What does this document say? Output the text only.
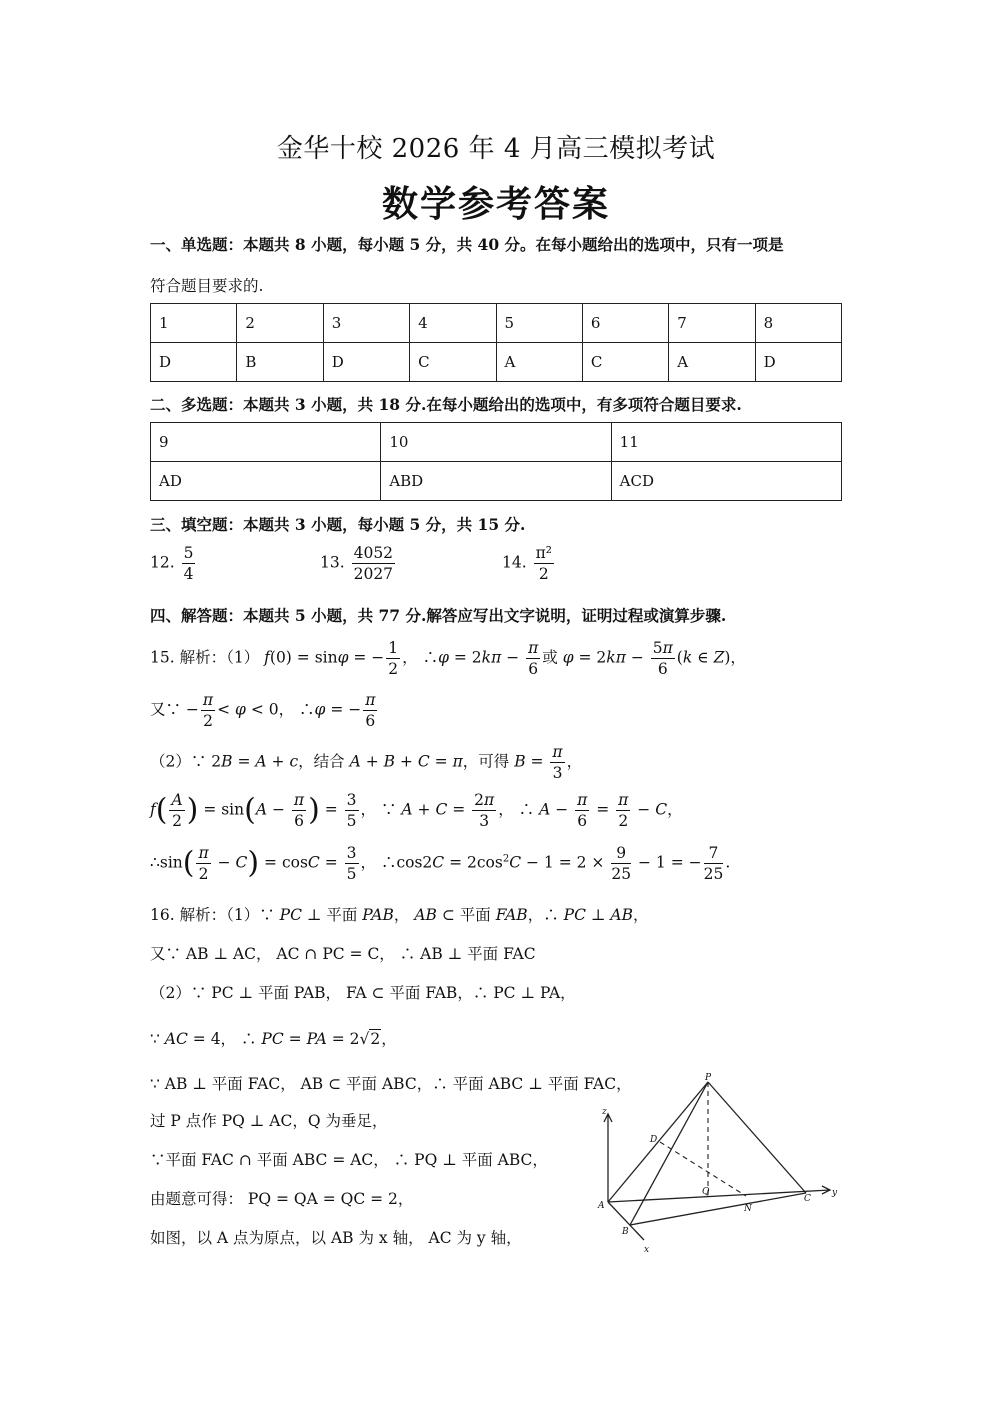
金华十校 2026 年 4 月高三模拟考试
数学参考答案
一、单选题：本题共 8 小题，每小题 5 分，共 40 分。在每小题给出的选项中，只有一项是
符合题目要求的.
1	2	3	4	5	6	7	8
D	B	D	C	A	C	A	D
二、多选题：本题共 3 小题，共 18 分.在每小题给出的选项中，有多项符合题目要求.
9	10	11
AD	ABD	ACD
三、填空题：本题共 3 小题，每小题 5 分，共 15 分.
12. $\frac{5}{4}$	13. $\frac{4052}{2027}$	14. $\frac{\text{π²}}{2}$
四、解答题：本题共 5 小题，共 77 分.解答应写出文字说明，证明过程或演算步骤.
15. 解析：（1） f(0) = sinφ = − $\frac{1}{2}$ ， ∴φ = $2k\pi - \frac{\pi}{6}$ 或 $\varphi = 2k\pi - \frac{5\pi}{6} (k$ ∈ Z)，
又∵ − $\frac{\pi}{2} < \varphi < 0$， ∴φ = − $\frac{\pi}{6}$
（2）∵ 2B = A + c，结合 A + B + C = π，可得 $B = \frac{\pi}{3}$ ，
$f( \frac{A}{2}$ ) = $\sin(A - \frac{\pi}{6}$ ) = $\frac{3}{5}$ ， ∵ $A + C = \frac{2\pi}{3}$ ， ∴ $A - \frac{\pi}{6} = \frac{\pi}{2} - C$，
∴sin( $\frac{\pi}{2} - C) = \cos C = \frac{3}{5}$ ， ∴cos2C = $2\cos^2C - 1 = 2 \times \frac{9}{25} - 1$ = − $\frac{7}{25}$ .
16. 解析：（1）∵ PC ⊥ 平面 PAB， AB ⊂ 平面 FAB，∴ PC ⊥ AB，
又∵ AB ⊥ AC， AC ∩ PC = C， ∴ AB ⊥ 平面 FAC
（2）∵ PC ⊥ 平面 PAB， FA ⊂ 平面 FAB，∴ PC ⊥ PA，
∵ AC = 4， ∴ PC = PA = 2√2，
∵ AB ⊥ 平面 FAC， AB ⊂ 平面 ABC，∴ 平面 ABC ⊥ 平面 FAC，
过 P 点作 PQ ⊥ AC，Q 为垂足，
∵平面 FAC ∩ 平面 ABC = AC， ∴ PQ ⊥ 平面 ABC，
由题意可得： PQ = QA = QC = 2，
如图，以 A 点为原点，以 AB 为 x 轴， AC 为 y 轴，
P
z
D
Q
A	N
C
y
B
x
